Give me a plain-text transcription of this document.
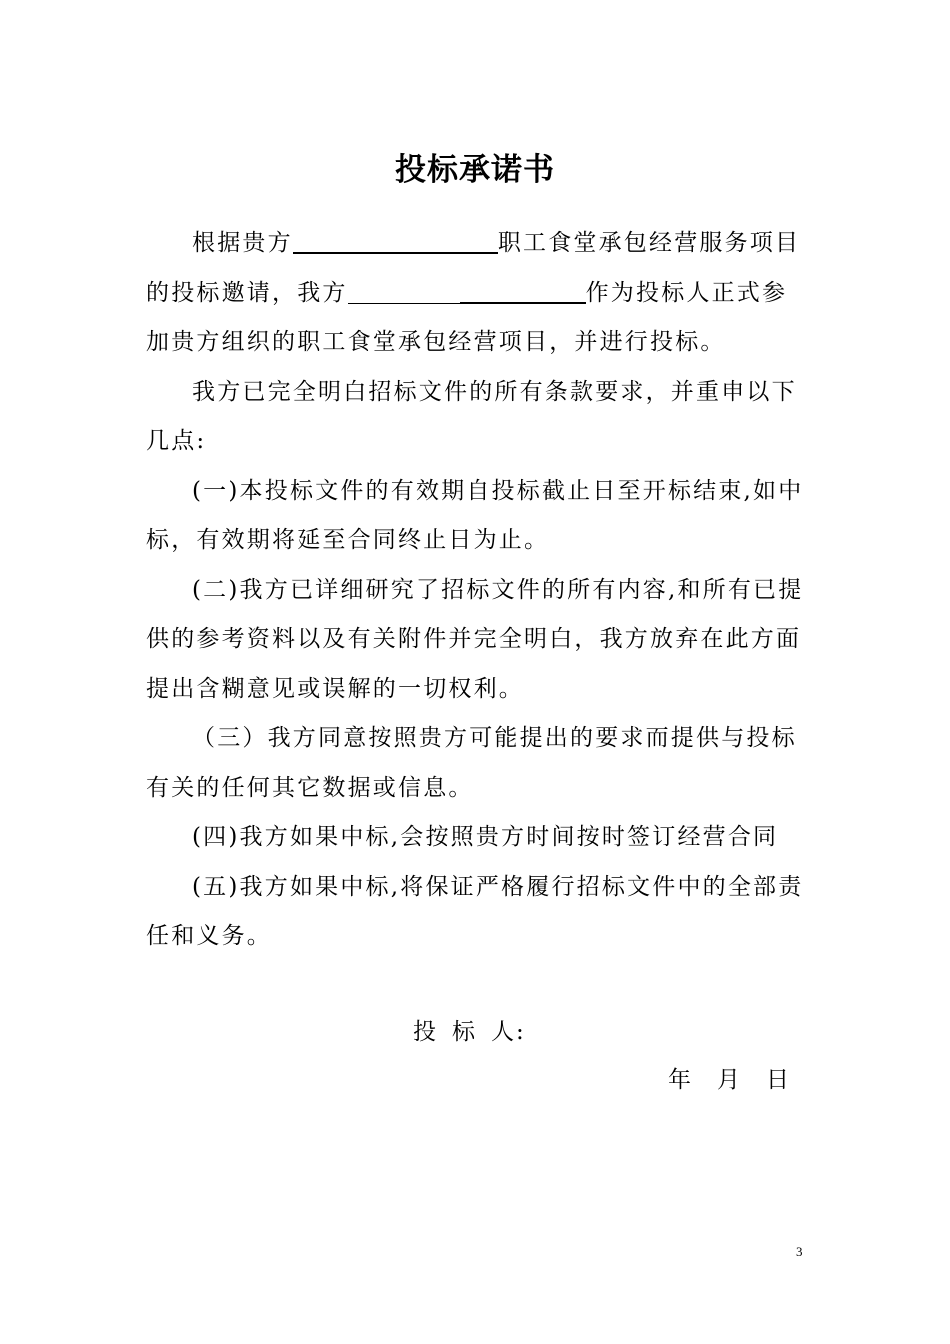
投标承诺书

根据贵方	职工食堂承包经营服务项目的投标邀请，我方	作为投标人正式参加贵方组织的职工食堂承包经营项目，并进行投标。

我方已完全明白招标文件的所有条款要求，并重申以下几点:

(一)本投标文件的有效期自投标截止日至开标结束,如中标，有效期将延至合同终止日为止。

(二)我方已详细研究了招标文件的所有内容,和所有已提供的参考资料以及有关附件并完全明白，我方放弃在此方面提出含糊意见或误解的一切权利。

（三）我方同意按照贵方可能提出的要求而提供与投标有关的任何其它数据或信息。

(四)我方如果中标,会按照贵方时间按时签订经营合同

(五)我方如果中标,将保证严格履行招标文件中的全部责任和义务。

投 标 人:
年 月 日
3
